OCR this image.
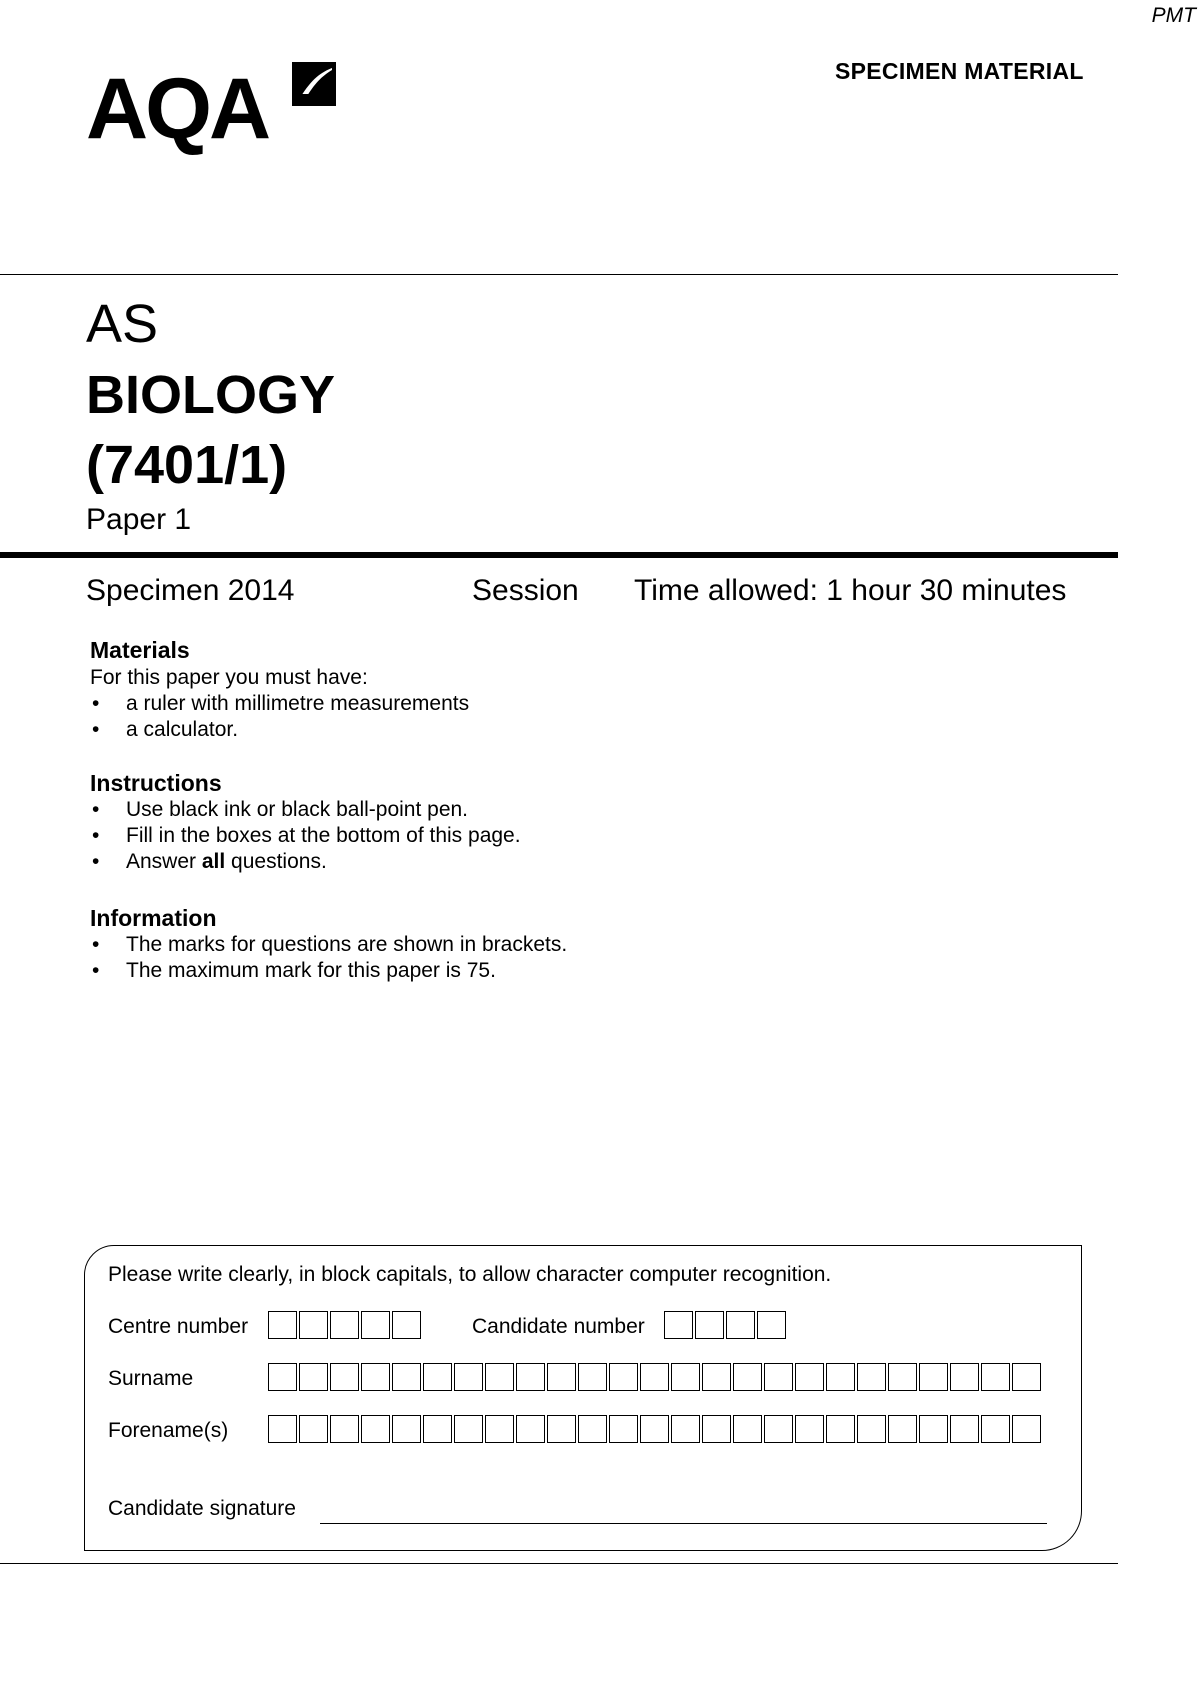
PMT
SPECIMEN MATERIAL
AQA
AS
BIOLOGY
(7401/1)
Paper 1
Specimen 2014	Session Time allowed: 1 hour 30 minutes
Materials
For this paper you must have:
• a ruler with millimetre measurements
• a calculator.
Instructions
• Use black ink or black ball-point pen.
• Fill in the boxes at the bottom of this page.
• Answer all questions.
Information
• The marks for questions are shown in brackets.
• The maximum mark for this paper is 75.
Please write clearly, in block capitals, to allow character computer recognition.
Centre number	Candidate number
Surname
Forename(s)
Candidate signature
